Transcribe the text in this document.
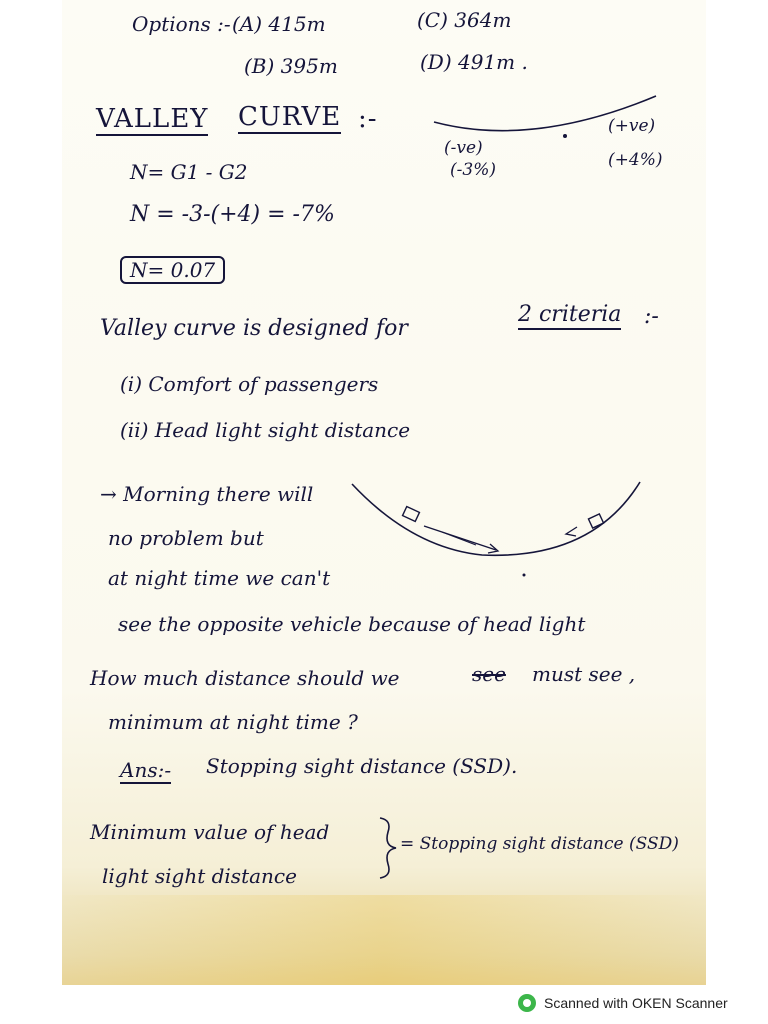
Options :- (A) 415m	(C) 364m
(B) 395m	(D) 491m .
VALLEY CURVE :-
(-ve)
(-3%)
(+ve)
(+4%)
N= G1 - G2
N = -3-(+4) = -7%
N= 0.07
Valley curve is designed for
2 criteria :-
(i) Comfort of passengers
(ii) Head light sight distance
→ Morning there will
no problem but
at night time we can't
see the opposite vehicle because of head light
How much distance should we	see must see ,
minimum at night time ?
Ans:- Stopping sight distance (SSD).
Minimum value of head
light sight distance
= Stopping sight distance (SSD)
Scanned with OKEN Scanner
